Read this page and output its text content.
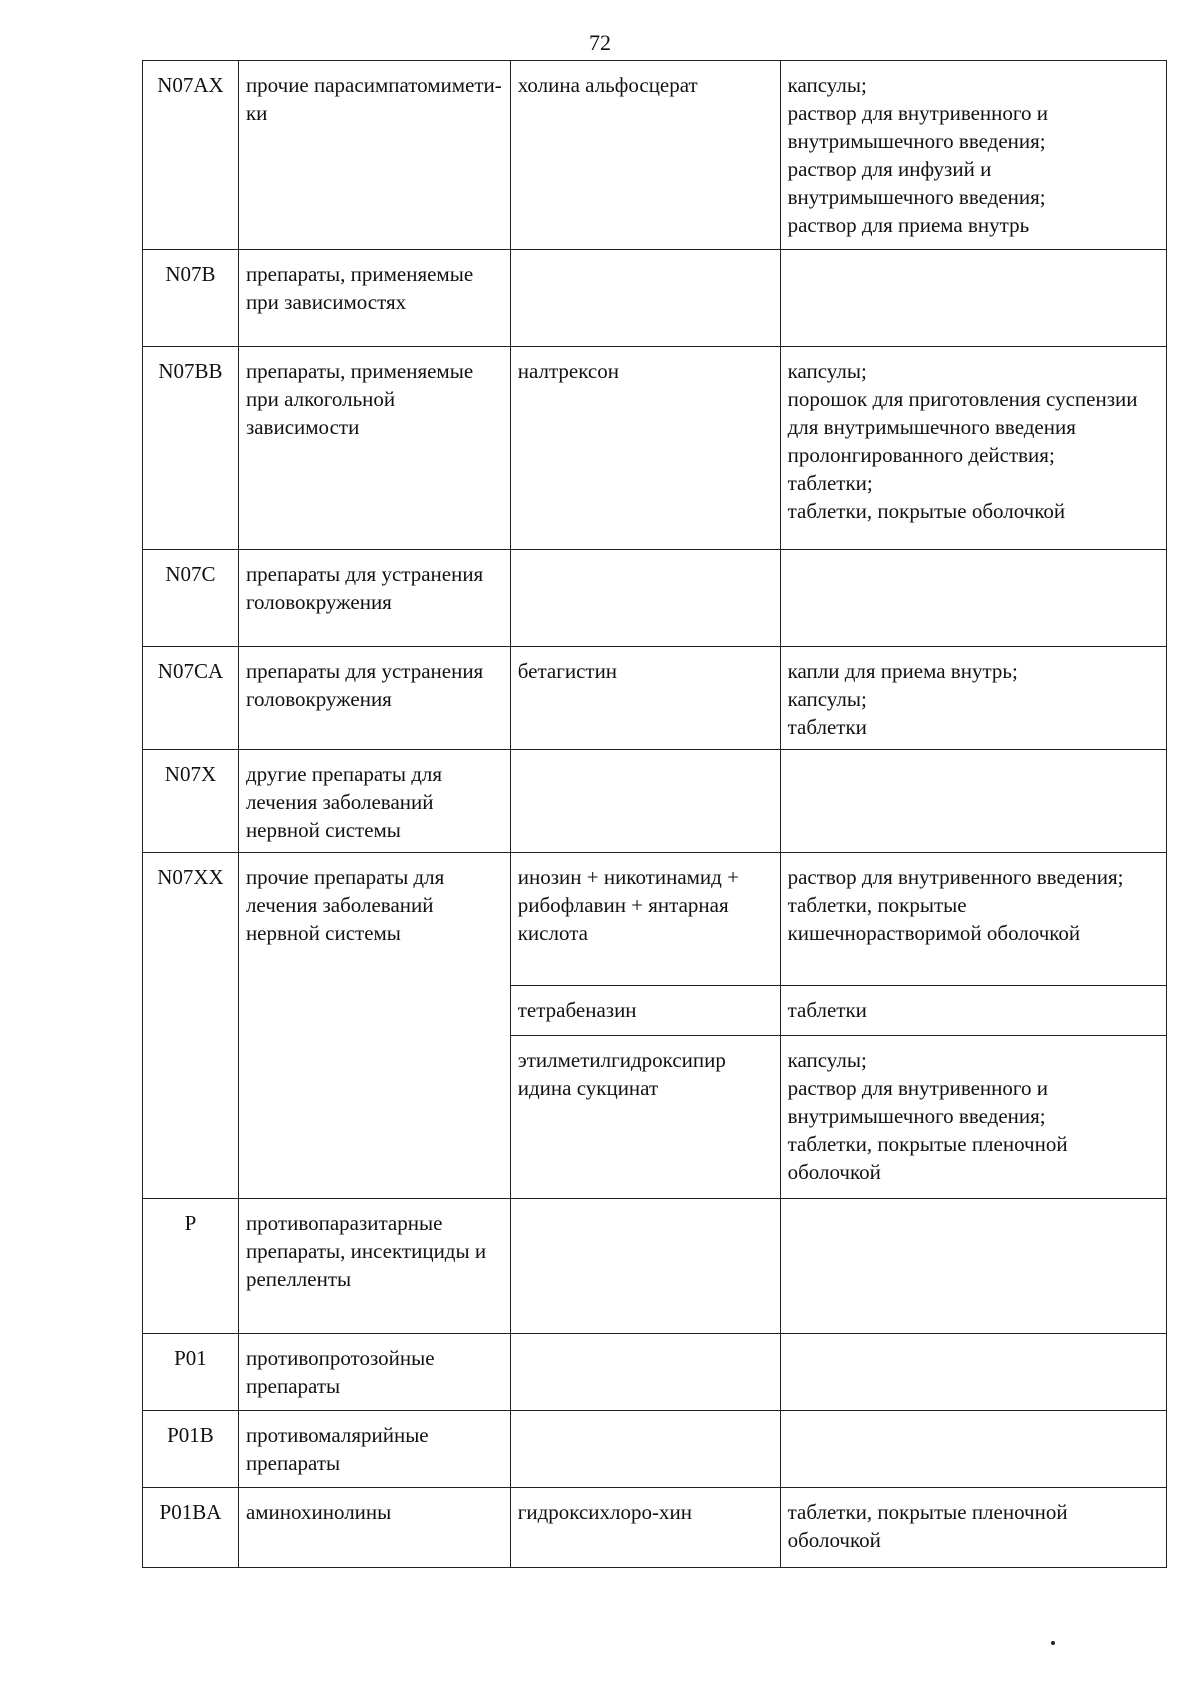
72
N07AX	прочие парасимпатомимети-ки	холина альфосцерат	капсулы;
раствор для внутривенного и внутримышечного введения;
раствор для инфузий и внутримышечного введения;
раствор для приема внутрь
N07B	препараты, применяемые при зависимостях		
N07BB	препараты, применяемые при алкогольной зависимости	налтрексон	капсулы;
порошок для приготовления суспензии для внутримышечного введения пролонгированного действия;
таблетки;
таблетки, покрытые оболочкой
N07C	препараты для устранения головокружения		
N07CA	препараты для устранения головокружения	бетагистин	капли для приема внутрь;
капсулы;
таблетки
N07X	другие препараты для лечения заболеваний нервной системы		
N07XX	прочие препараты для лечения заболеваний нервной системы	инозин + никотинамид + рибофлавин + янтарная кислота	раствор для внутривенного введения;
таблетки, покрытые кишечнорастворимой оболочкой
		тетрабеназин	таблетки
		этилметилгидроксипир идина сукцинат	капсулы;
раствор для внутривенного и внутримышечного введения;
таблетки, покрытые пленочной оболочкой
P	противопаразитарные препараты, инсектициды и репелленты		
P01	противопротозойные препараты		
P01B	противомалярийные препараты		
P01BA	аминохинолины	гидроксихлоро-хин	таблетки, покрытые пленочной оболочкой
